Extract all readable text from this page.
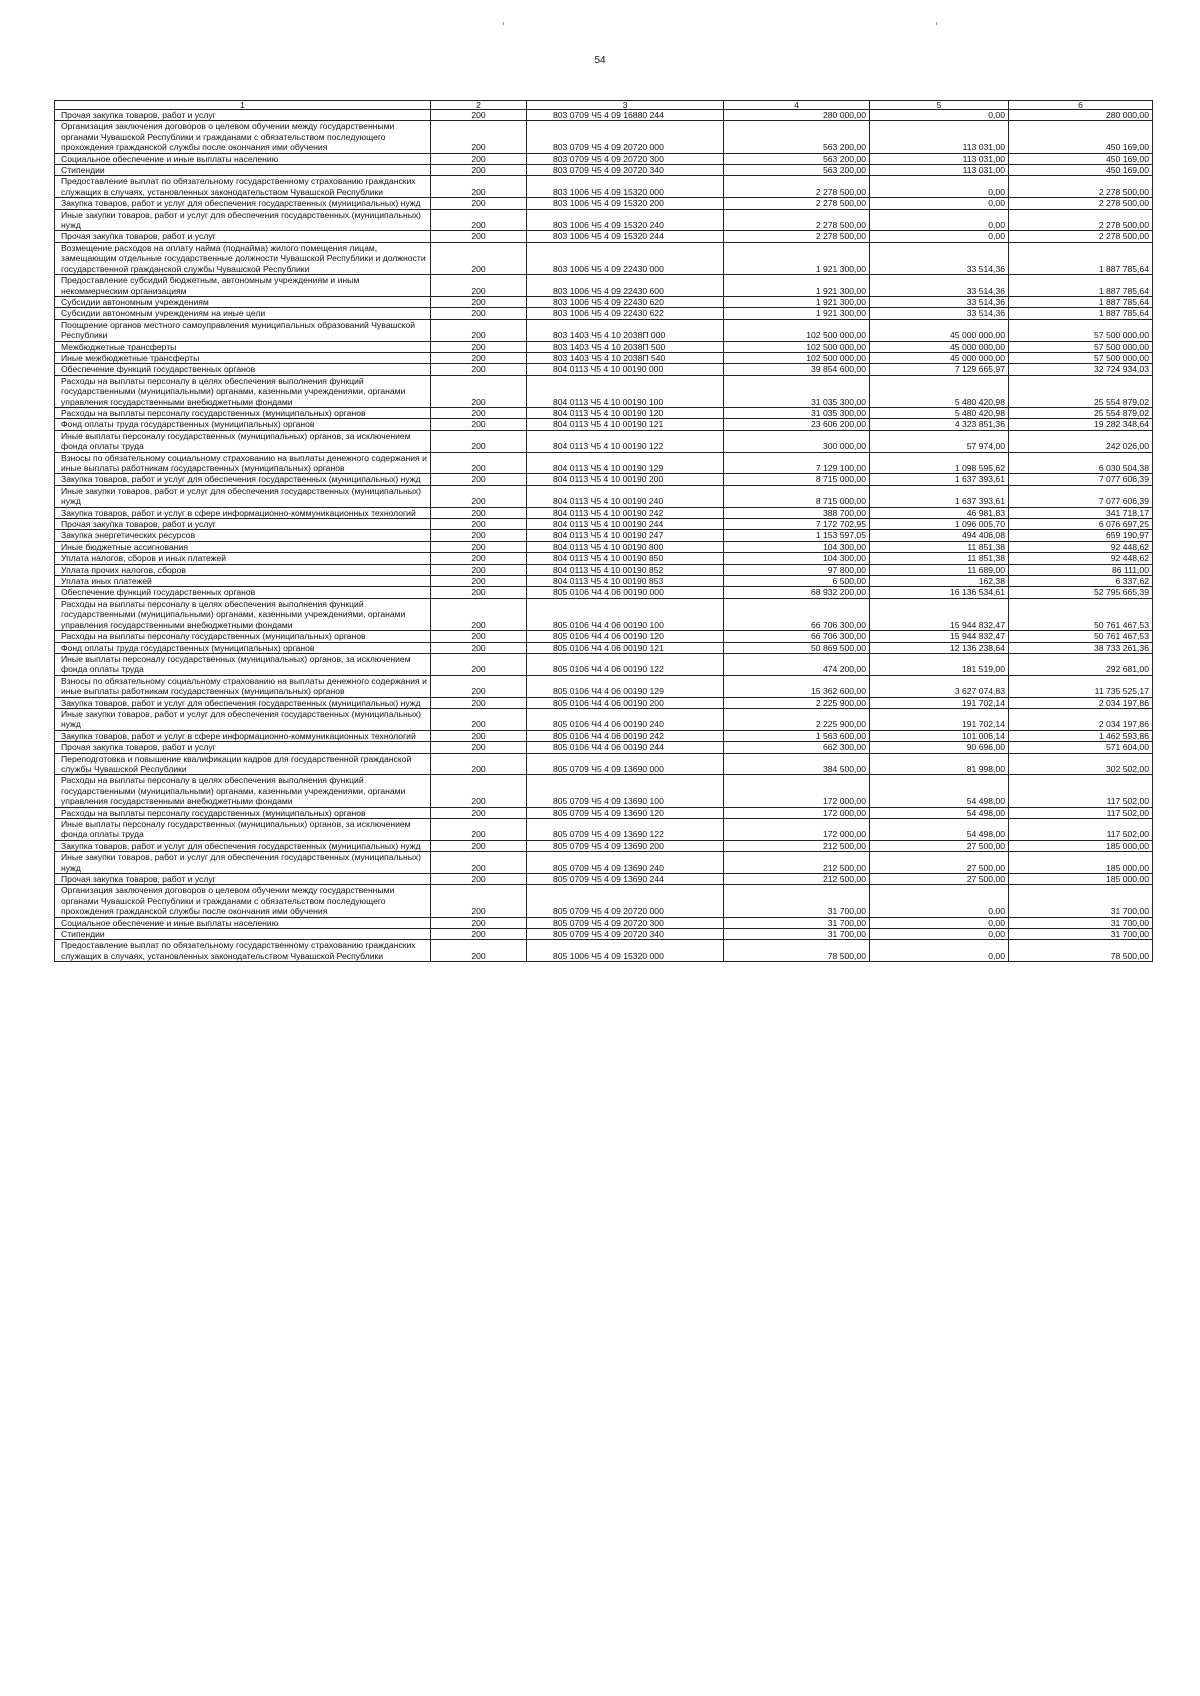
54
1	2	3	4	5	6
Прочая закупка товаров, работ и услуг	200	803 0709 Ч5 4 09 16880 244	280 000,00	0,00	280 000,00
Организация заключения договоров о целевом обучении между государственными органами Чувашской Республики и гражданами с обязательством последующего прохождения гражданской службы после окончания ими обучения	200	803 0709 Ч5 4 09 20720 000	563 200,00	113 031,00	450 169,00
Социальное обеспечение и иные выплаты населению	200	803 0709 Ч5 4 09 20720 300	563 200,00	113 031,00	450 169,00
Стипендии	200	803 0709 Ч5 4 09 20720 340	563 200,00	113 031,00	450 169,00
Предоставление выплат по обязательному государственному страхованию гражданских служащих в случаях, установленных законодательством Чувашской Республики	200	803 1006 Ч5 4 09 15320 000	2 278 500,00	0,00	2 278 500,00
Закупка товаров, работ и услуг для обеспечения государственных (муниципальных) нужд	200	803 1006 Ч5 4 09 15320 200	2 278 500,00	0,00	2 278 500,00
Иные закупки товаров, работ и услуг для обеспечения государственных (муниципальных) нужд	200	803 1006 Ч5 4 09 15320 240	2 278 500,00	0,00	2 278 500,00
Прочая закупка товаров, работ и услуг	200	803 1006 Ч5 4 09 15320 244	2 278 500,00	0,00	2 278 500,00
Возмещение расходов на оплату найма (поднайма) жилого помещения лицам, замещающим отдельные государственные должности Чувашской Республики и должности государственной гражданской службы Чувашской Республики	200	803 1006 Ч5 4 09 22430 000	1 921 300,00	33 514,36	1 887 785,64
Предоставление субсидий бюджетным, автономным учреждениям и иным некоммерческим организациям	200	803 1006 Ч5 4 09 22430 600	1 921 300,00	33 514,36	1 887 785,64
Субсидии автономным учреждениям	200	803 1006 Ч5 4 09 22430 620	1 921 300,00	33 514,36	1 887 785,64
Субсидии автономным учреждениям на иные цели	200	803 1006 Ч5 4 09 22430 622	1 921 300,00	33 514,36	1 887 785,64
Поощрение органов местного самоуправления муниципальных образований Чувашской Республики	200	803 1403 Ч5 4 10 2038П 000	102 500 000,00	45 000 000,00	57 500 000,00
Межбюджетные трансферты	200	803 1403 Ч5 4 10 2038П 500	102 500 000,00	45 000 000,00	57 500 000,00
Иные межбюджетные трансферты	200	803 1403 Ч5 4 10 2038П 540	102 500 000,00	45 000 000,00	57 500 000,00
Обеспечение функций государственных органов	200	804 0113 Ч5 4 10 00190 000	39 854 600,00	7 129 665,97	32 724 934,03
Расходы на выплаты персоналу в целях обеспечения выполнения функций государственными (муниципальными) органами, казенными учреждениями, органами управления государственными внебюджетными фондами	200	804 0113 Ч5 4 10 00190 100	31 035 300,00	5 480 420,98	25 554 879,02
Расходы на выплаты персоналу государственных (муниципальных) органов	200	804 0113 Ч5 4 10 00190 120	31 035 300,00	5 480 420,98	25 554 879,02
Фонд оплаты труда государственных (муниципальных) органов	200	804 0113 Ч5 4 10 00190 121	23 606 200,00	4 323 851,36	19 282 348,64
Иные выплаты персоналу государственных (муниципальных) органов, за исключением фонда оплаты труда	200	804 0113 Ч5 4 10 00190 122	300 000,00	57 974,00	242 026,00
Взносы по обязательному социальному страхованию на выплаты денежного содержания и иные выплаты работникам государственных (муниципальных) органов	200	804 0113 Ч5 4 10 00190 129	7 129 100,00	1 098 595,62	6 030 504,38
Закупка товаров, работ и услуг для обеспечения государственных (муниципальных) нужд	200	804 0113 Ч5 4 10 00190 200	8 715 000,00	1 637 393,61	7 077 606,39
Иные закупки товаров, работ и услуг для обеспечения государственных (муниципальных) нужд	200	804 0113 Ч5 4 10 00190 240	8 715 000,00	1 637 393,61	7 077 606,39
Закупка товаров, работ и услуг в сфере информационно-коммуникационных технологий	200	804 0113 Ч5 4 10 00190 242	388 700,00	46 981,83	341 718,17
Прочая закупка товаров, работ и услуг	200	804 0113 Ч5 4 10 00190 244	7 172 702,95	1 096 005,70	6 076 697,25
Закупка энергетических ресурсов	200	804 0113 Ч5 4 10 00190 247	1 153 597,05	494 406,08	659 190,97
Иные бюджетные ассигнования	200	804 0113 Ч5 4 10 00190 800	104 300,00	11 851,38	92 448,62
Уплата налогов, сборов и иных платежей	200	804 0113 Ч5 4 10 00190 850	104 300,00	11 851,38	92 448,62
Уплата прочих налогов, сборов	200	804 0113 Ч5 4 10 00190 852	97 800,00	11 689,00	86 111,00
Уплата иных платежей	200	804 0113 Ч5 4 10 00190 853	6 500,00	162,38	6 337,62
Обеспечение функций государственных органов	200	805 0106 Ч4 4 06 00190 000	68 932 200,00	16 136 534,61	52 795 665,39
Расходы на выплаты персоналу в целях обеспечения выполнения функций государственными (муниципальными) органами, казенными учреждениями, органами управления государственными внебюджетными фондами	200	805 0106 Ч4 4 06 00190 100	66 706 300,00	15 944 832,47	50 761 467,53
Расходы на выплаты персоналу государственных (муниципальных) органов	200	805 0106 Ч4 4 06 00190 120	66 706 300,00	15 944 832,47	50 761 467,53
Фонд оплаты труда государственных (муниципальных) органов	200	805 0106 Ч4 4 06 00190 121	50 869 500,00	12 136 238,64	38 733 261,36
Иные выплаты персоналу государственных (муниципальных) органов, за исключением фонда оплаты труда	200	805 0106 Ч4 4 06 00190 122	474 200,00	181 519,00	292 681,00
Взносы по обязательному социальному страхованию на выплаты денежного содержания и иные выплаты работникам государственных (муниципальных) органов	200	805 0106 Ч4 4 06 00190 129	15 362 600,00	3 627 074,83	11 735 525,17
Закупка товаров, работ и услуг для обеспечения государственных (муниципальных) нужд	200	805 0106 Ч4 4 06 00190 200	2 225 900,00	191 702,14	2 034 197,86
Иные закупки товаров, работ и услуг для обеспечения государственных (муниципальных) нужд	200	805 0106 Ч4 4 06 00190 240	2 225 900,00	191 702,14	2 034 197,86
Закупка товаров, работ и услуг в сфере информационно-коммуникационных технологий	200	805 0106 Ч4 4 06 00190 242	1 563 600,00	101 006,14	1 462 593,86
Прочая закупка товаров, работ и услуг	200	805 0106 Ч4 4 06 00190 244	662 300,00	90 696,00	571 604,00
Переподготовка и повышение квалификации кадров для государственной гражданской службы Чувашской Республики	200	805 0709 Ч5 4 09 13690 000	384 500,00	81 998,00	302 502,00
Расходы на выплаты персоналу в целях обеспечения выполнения функций государственными (муниципальными) органами, казенными учреждениями, органами управления государственными внебюджетными фондами	200	805 0709 Ч5 4 09 13690 100	172 000,00	54 498,00	117 502,00
Расходы на выплаты персоналу государственных (муниципальных) органов	200	805 0709 Ч5 4 09 13690 120	172 000,00	54 498,00	117 502,00
Иные выплаты персоналу государственных (муниципальных) органов, за исключением фонда оплаты труда	200	805 0709 Ч5 4 09 13690 122	172 000,00	54 498,00	117 502,00
Закупка товаров, работ и услуг для обеспечения государственных (муниципальных) нужд	200	805 0709 Ч5 4 09 13690 200	212 500,00	27 500,00	185 000,00
Иные закупки товаров, работ и услуг для обеспечения государственных (муниципальных) нужд	200	805 0709 Ч5 4 09 13690 240	212 500,00	27 500,00	185 000,00
Прочая закупка товаров, работ и услуг	200	805 0709 Ч5 4 09 13690 244	212 500,00	27 500,00	185 000,00
Организация заключения договоров о целевом обучении между государственными органами Чувашской Республики и гражданами с обязательством последующего прохождения гражданской службы после окончания ими обучения	200	805 0709 Ч5 4 09 20720 000	31 700,00	0,00	31 700,00
Социальное обеспечение и иные выплаты населению	200	805 0709 Ч5 4 09 20720 300	31 700,00	0,00	31 700,00
Стипендии	200	805 0709 Ч5 4 09 20720 340	31 700,00	0,00	31 700,00
Предоставление выплат по обязательному государственному страхованию гражданских служащих в случаях, установленных законодательством Чувашской Республики	200	805 1006 Ч5 4 09 15320 000	78 500,00	0,00	78 500,00
